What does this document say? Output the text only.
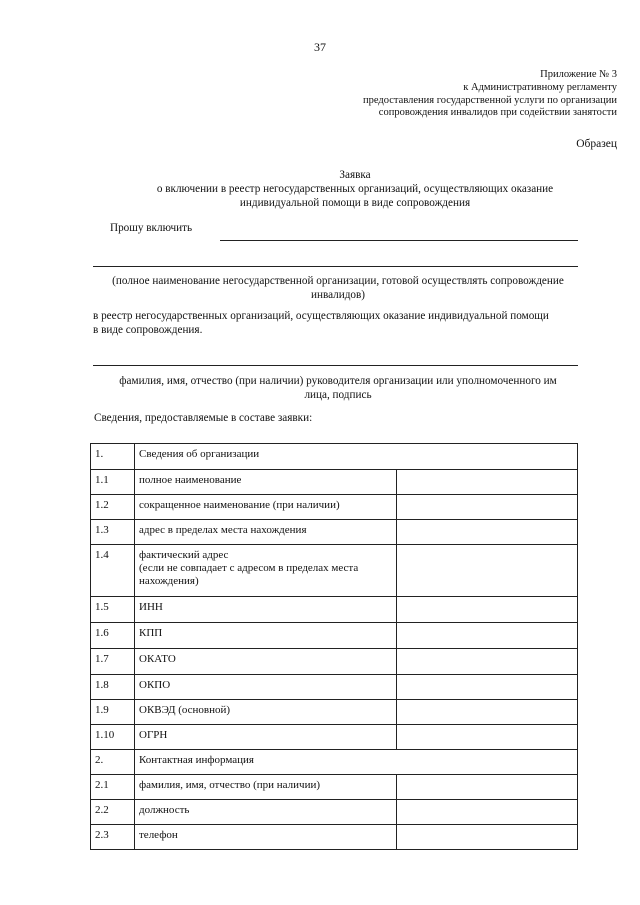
37
Приложение № 3
к Административному регламенту
предоставления государственной услуги по организации
сопровождения инвалидов при содействии занятости
Образец
Заявка
о включении в реестр негосударственных организаций, осуществляющих оказание
индивидуальной помощи в виде сопровождения
Прошу включить
(полное наименование негосударственной организации, готовой осуществлять сопровождение
инвалидов)
в реестр негосударственных организаций, осуществляющих оказание индивидуальной помощи
в виде сопровождения.
фамилия, имя, отчество (при наличии) руководителя организации или уполномоченного им
лица, подпись
Сведения, предоставляемые в составе заявки:
1.	Сведения об организации	
1.1	полное наименование	
1.2	сокращенное наименование (при наличии)	
1.3	адрес в пределах места нахождения	
1.4	фактический адрес
(если не совпадает с адресом в пределах места
нахождения)	

1.5	ИНН	
1.6	КПП	
1.7	ОКАТО	
1.8	ОКПО	
1.9	ОКВЭД (основной)	
1.10	ОГРН	
2.	Контактная информация	
2.1	фамилия, имя, отчество (при наличии)	
2.2	должность	
2.3	телефон	
